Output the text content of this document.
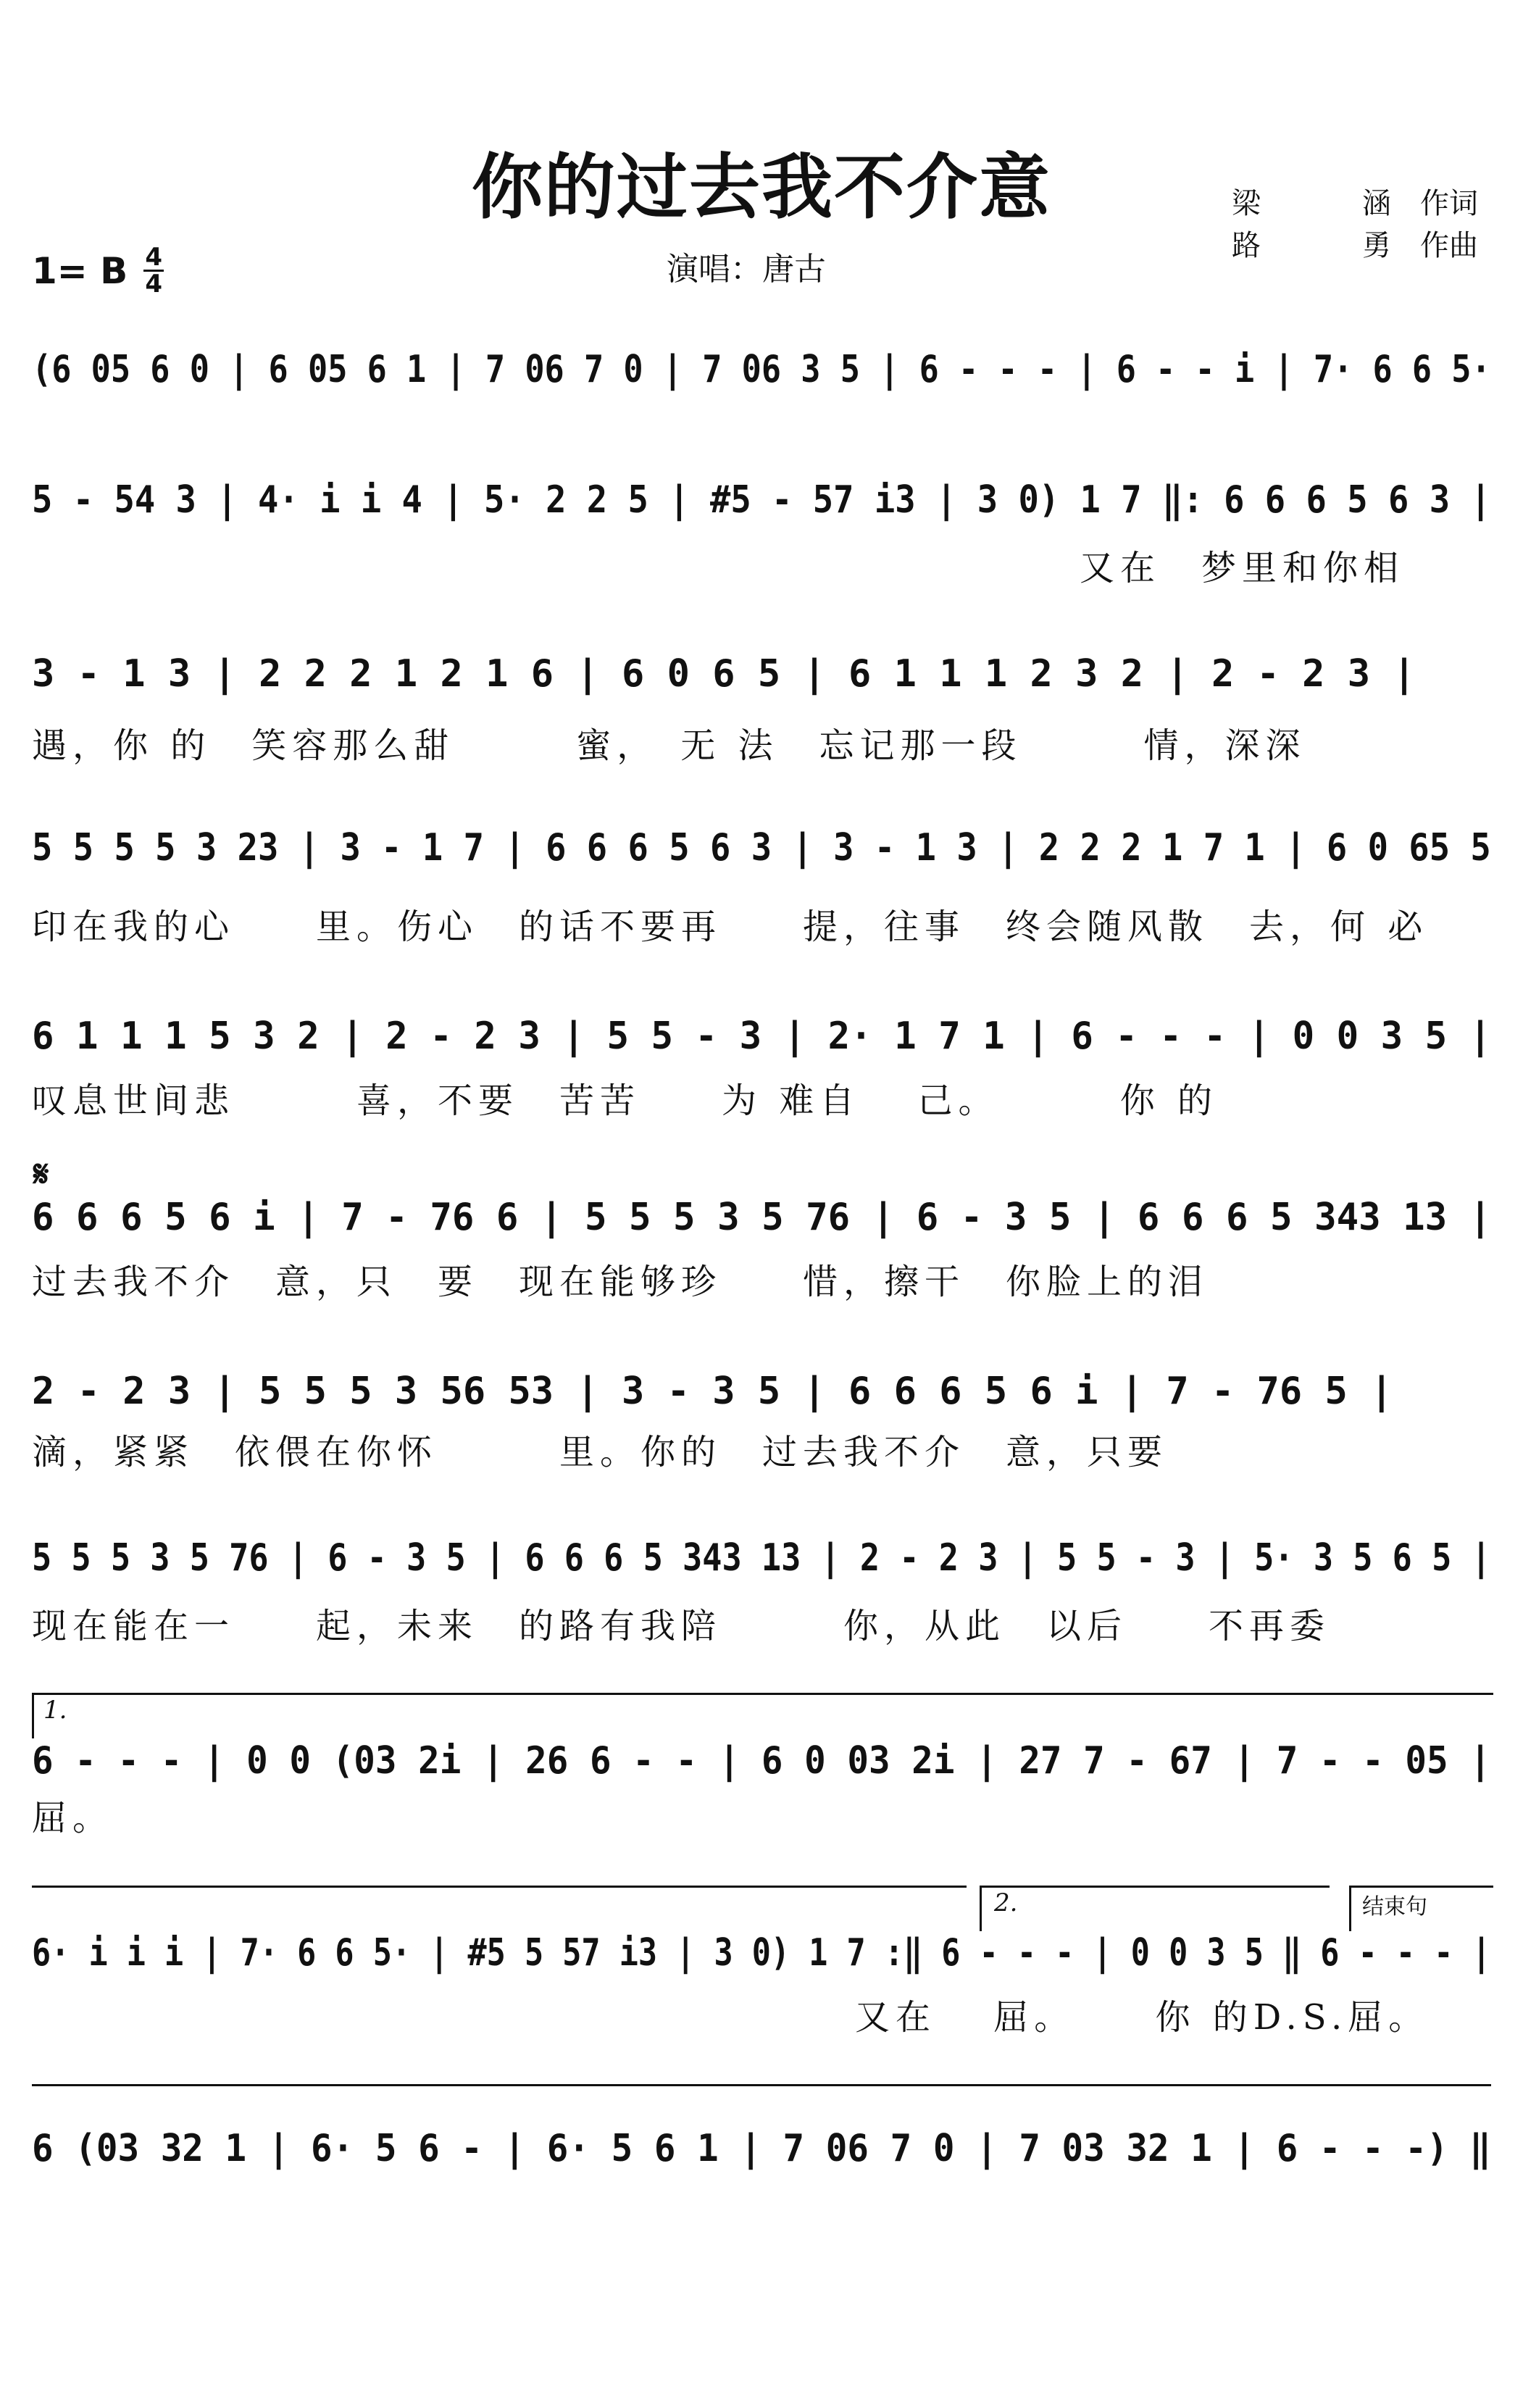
你的过去我不介意	梁	涵	作词
路	勇	作曲
1= B 4
4	演唱：唐古
(6 05 6 0 | 6 05 6 1 | 7 06 7 0 | 7 06 3 5 | 6 - - - | 6 - - i | 7· 6 6 5·
5 - 54 3 | 4· i i 4 | 5· 2 2 5 | #5 - 57 i3 | 3 0) 1 7 ‖: 6 6 6 5 6 3 |
又在　梦里和你相
3 - 1 3 | 2 2 2 1 2 1 6 | 6 0 6 5 | 6 1 1 1 2 3 2 | 2 - 2 3 |
遇，你 的　笑容那么甜　　　蜜，　无 法　忘记那一段　　　情，深深
5 5 5 5 3 23 | 3 - 1 7 | 6 6 6 5 6 3 | 3 - 1 3 | 2 2 2 1 7 1 | 6 0 65 5
印在我的心　　里。伤心　的话不要再　　提，往事　终会随风散　去，何 必
6 1 1 1 5 3 2 | 2 - 2 3 | 5 5 - 3 | 2· 1 7 1 | 6 - - - | 0 0 3 5 |
叹息世间悲　　　喜，不要　苦苦　　为 难自　 己。　　　 你 的
𝄋
6 6 6 5 6 i | 7 - 76 6 | 5 5 5 3 5 76 | 6 - 3 5 | 6 6 6 5 343 13 |
过去我不介　意，只　要　现在能够珍　　惜，擦干　你脸上的泪
2 - 2 3 | 5 5 5 3 56 53 | 3 - 3 5 | 6 6 6 5 6 i | 7 - 76 5 |
滴，紧紧　依偎在你怀　　　里。你的　过去我不介　意，只要
5 5 5 3 5 76 | 6 - 3 5 | 6 6 6 5 343 13 | 2 - 2 3 | 5 5 - 3 | 5· 3 5 6 5 |
现在能在一　　起，未来　的路有我陪　　　你，从此　以后　　不再委
1.
6 - - - | 0 0 (03 2i | 26 6 - - | 6 0 03 2i | 27 7 - 67 | 7 - - 05 |
屈。
2.	结束句
6· i i i | 7· 6 6 5· | #5 5 57 i3 | 3 0) 1 7 :‖ 6 - - - | 0 0 3 5 ‖ 6 - - - |
又在　 屈。　　 你 的D.S.屈。
6 (03 32 1 | 6· 5 6 - | 6· 5 6 1 | 7 06 7 0 | 7 03 32 1 | 6 - - -) ‖
